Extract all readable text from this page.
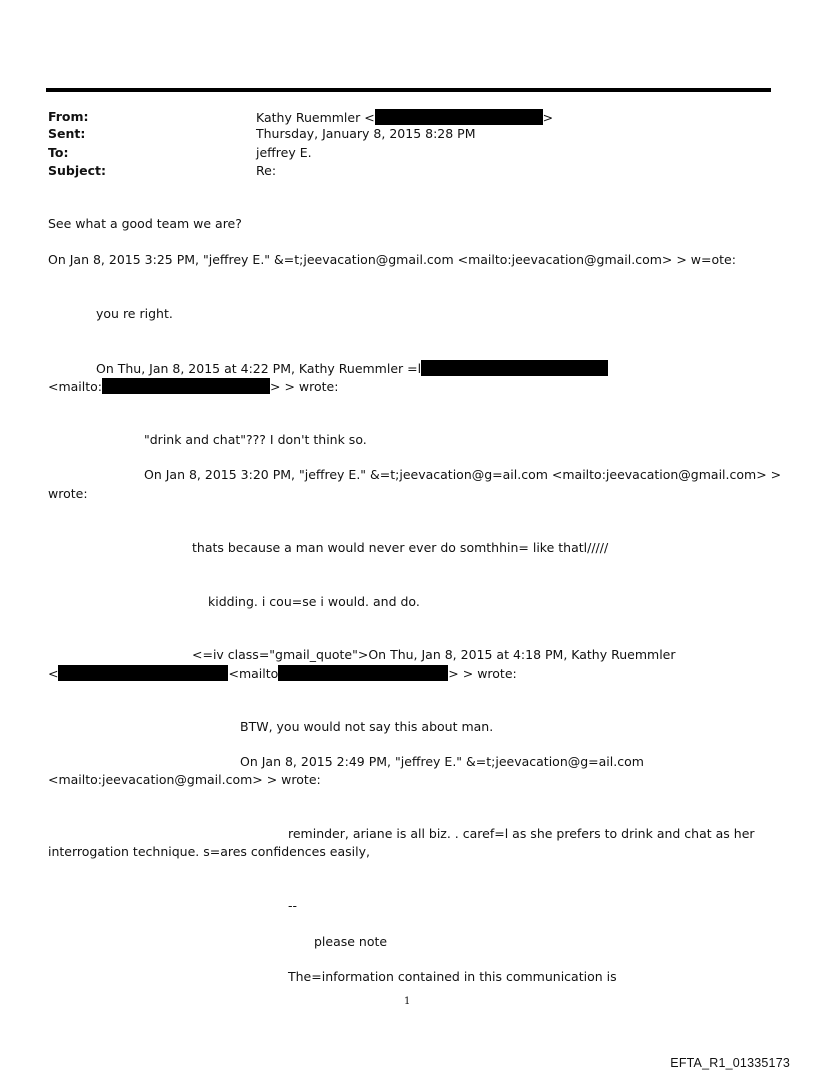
From:	Kathy Ruemmler <	>
Sent:	Thursday, January 8, 2015 8:28 PM
To:	jeffrey E.
Subject:	Re:
See what a good team we are?
On Jan 8, 2015 3:25 PM, "jeffrey E." &=t;jeevacation@gmail.com <mailto:jeevacation@gmail.com> > w=ote:
you re right.
On Thu, Jan 8, 2015 at 4:22 PM, Kathy Ruemmler =l
<mailto:	> > wrote:
"drink and chat"??? I don't think so.
On Jan 8, 2015 3:20 PM, "jeffrey E." &=t;jeevacation@g=ail.com <mailto:jeevacation@gmail.com> >
wrote:
thats because a man would never ever do somthhin= like thatl/////
kidding. i cou=se i would. and do.
<=iv class="gmail_quote">On Thu, Jan 8, 2015 at 4:18 PM, Kathy Ruemmler
<	<mailto	> > wrote:
BTW, you would not say this about man.
On Jan 8, 2015 2:49 PM, "jeffrey E." &=t;jeevacation@g=ail.com
<mailto:jeevacation@gmail.com> > wrote:
reminder, ariane is all biz. . caref=l as she prefers to drink and chat as her
interrogation technique. s=ares confidences easily,
--
please note
The=information contained in this communication is
1
EFTA_R1_01335173
